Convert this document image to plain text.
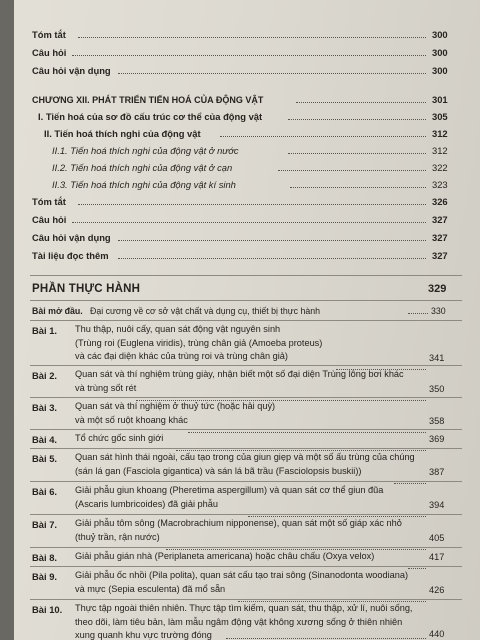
Tóm tắt	300
Câu hỏi	300
Câu hỏi vận dụng	300
CHƯƠNG XII. PHÁT TRIỂN TIẾN HOÁ CỦA ĐỘNG VẬT	301
I. Tiến hoá của sơ đồ cấu trúc cơ thể của động vật	305
II. Tiến hoá thích nghi của động vật	312
II.1. Tiến hoá thích nghi của động vật ở nước	312
II.2. Tiến hoá thích nghi của động vật ở cạn	322
II.3. Tiến hoá thích nghi của động vật kí sinh	323
Tóm tắt	326
Câu hỏi	327
Câu hỏi vận dụng	327
Tài liệu đọc thêm	327
PHẦN THỰC HÀNH	329
Bài mở đầu. Đại cương về cơ sở vật chất và dụng cụ, thiết bị thực hành	330
Bài 1. Thu thập, nuôi cấy, quan sát động vật nguyên sinh
(Trùng roi (Euglena viridis), trùng chân giả (Amoeba proteus)
và các đại diện khác của trùng roi và trùng chân giả)	341
Bài 2. Quan sát và thí nghiệm trùng giày, nhận biết một số đại diện Trùng lông bơi khác
và trùng sốt rét	350
Bài 3. Quan sát và thí nghiệm ở thuỷ tức (hoặc hải quỳ)
và một số ruột khoang khác	358
Bài 4. Tổ chức gốc sinh giới	369
Bài 5. Quan sát hình thái ngoài, cấu tạo trong của giun giẹp và một số ấu trùng của chúng
(sán lá gan (Fasciola gigantica) và sán lá bã trầu (Fasciolopsis buskii))	387
Bài 6. Giải phẫu giun khoang (Pheretima aspergillum) và quan sát cơ thể giun đũa
(Ascaris lumbricoides) đã giải phẫu	394
Bài 7. Giải phẫu tôm sông (Macrobrachium nipponense), quan sát một số giáp xác nhỏ
(thuỷ trần, rận nước)	405
Bài 8. Giải phẫu gián nhà (Periplaneta americana) hoặc châu chấu (Oxya velox)	417
Bài 9. Giải phẫu ốc nhồi (Pila polita), quan sát cấu tạo trai sông (Sinanodonta woodiana)
và mực (Sepia esculenta) đã mổ sẵn	426
Bài 10. Thực tập ngoài thiên nhiên. Thực tập tìm kiếm, quan sát, thu thập, xử lí, nuôi sống,
theo dõi, làm tiêu bản, làm mẫu ngâm động vật không xương sống ở thiên nhiên
xung quanh khu vực trường đóng	440
